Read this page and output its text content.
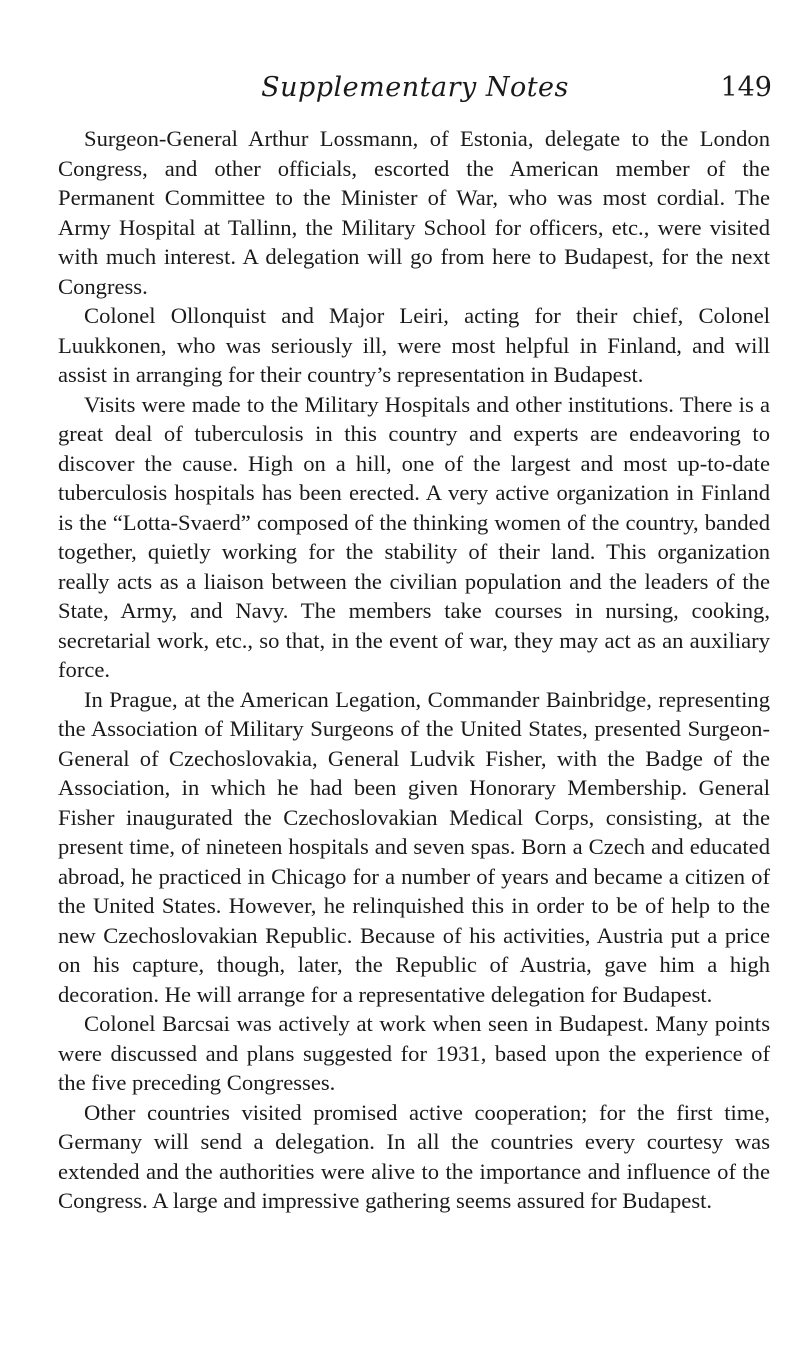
Supplementary Notes	149

Surgeon-General Arthur Lossmann, of Estonia, delegate to the London Congress, and other officials, escorted the American member of the Permanent Committee to the Minister of War, who was most cordial. The Army Hospital at Tallinn, the Military School for officers, etc., were visited with much interest. A delegation will go from here to Budapest, for the next Congress.

Colonel Ollonquist and Major Leiri, acting for their chief, Colonel Luukkonen, who was seriously ill, were most helpful in Finland, and will assist in arranging for their country’s representation in Budapest.

Visits were made to the Military Hospitals and other institutions. There is a great deal of tuberculosis in this country and experts are endeavoring to discover the cause. High on a hill, one of the largest and most up-to-date tuberculosis hospitals has been erected. A very active organization in Finland is the “Lotta-Svaerd” composed of the thinking women of the country, banded together, quietly working for the stability of their land. This organization really acts as a liaison between the civilian population and the leaders of the State, Army, and Navy. The members take courses in nursing, cooking, secretarial work, etc., so that, in the event of war, they may act as an auxiliary force.

In Prague, at the American Legation, Commander Bainbridge, representing the Association of Military Surgeons of the United States, presented Surgeon-General of Czechoslovakia, General Ludvik Fisher, with the Badge of the Association, in which he had been given Honorary Membership. General Fisher inaugurated the Czechoslovakian Medical Corps, consisting, at the present time, of nineteen hospitals and seven spas. Born a Czech and educated abroad, he practiced in Chicago for a number of years and became a citizen of the United States. However, he relinquished this in order to be of help to the new Czechoslovakian Republic. Because of his activities, Austria put a price on his capture, though, later, the Republic of Austria, gave him a high decoration. He will arrange for a representative delegation for Budapest.

Colonel Barcsai was actively at work when seen in Budapest. Many points were discussed and plans suggested for 1931, based upon the experience of the five preceding Congresses.

Other countries visited promised active cooperation; for the first time, Germany will send a delegation. In all the countries every courtesy was extended and the authorities were alive to the importance and influence of the Congress. A large and impressive gathering seems assured for Budapest.
